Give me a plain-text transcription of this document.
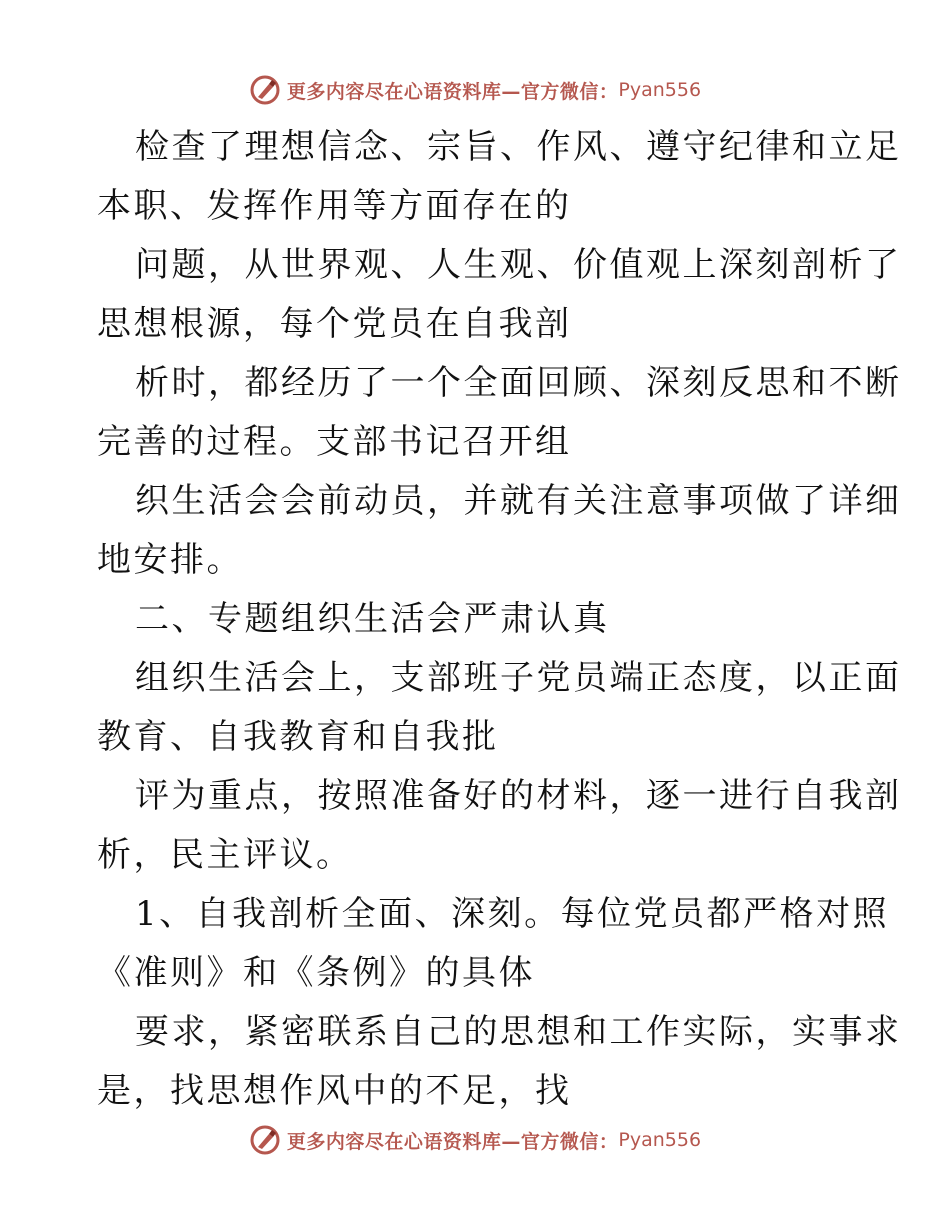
更多内容尽在心语资料库—官方微信： Pyan556
检查了理想信念、宗旨、作风、遵守纪律和立足
本职、发挥作用等方面存在的
问题，从世界观、人生观、价值观上深刻剖析了
思想根源，每个党员在自我剖
析时，都经历了一个全面回顾、深刻反思和不断
完善的过程。支部书记召开组
织生活会会前动员，并就有关注意事项做了详细
地安排。
二、专题组织生活会严肃认真
组织生活会上，支部班子党员端正态度，以正面
教育、自我教育和自我批
评为重点，按照准备好的材料，逐一进行自我剖
析，民主评议。
1、自我剖析全面、深刻。每位党员都严格对照
《准则》和《条例》的具体
要求，紧密联系自己的思想和工作实际，实事求
是，找思想作风中的不足，找
更多内容尽在心语资料库—官方微信： Pyan556
